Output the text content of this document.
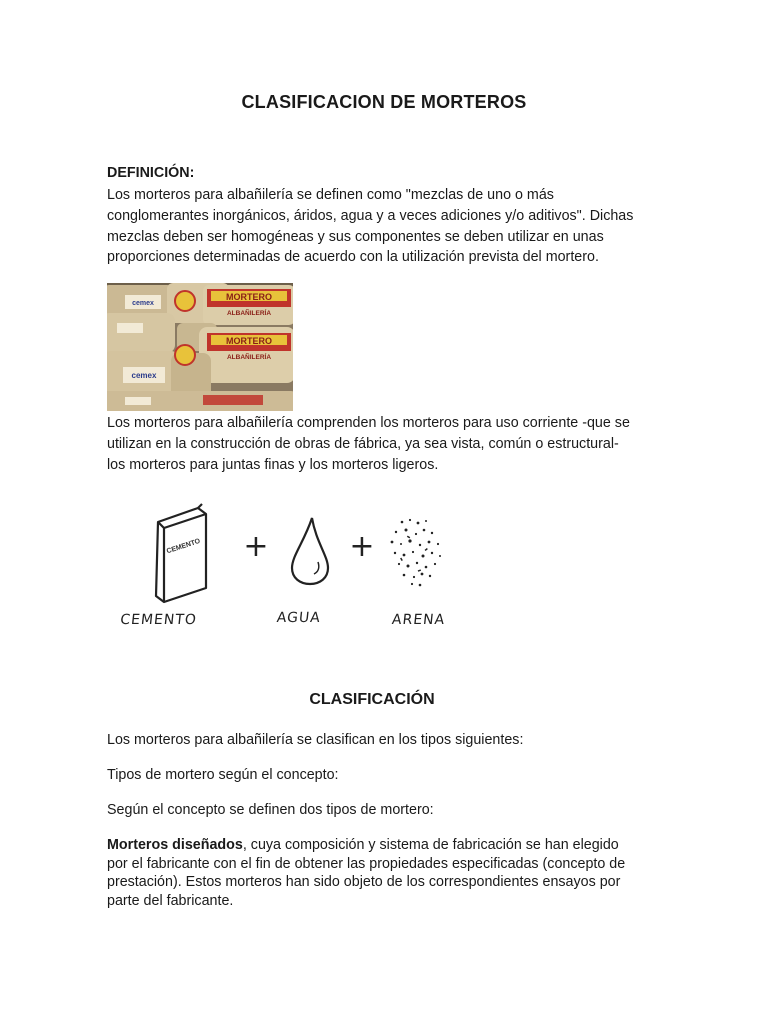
CLASIFICACION DE MORTEROS
DEFINICIÓN:
Los morteros para albañilería se definen como "mezclas de uno o más
conglomerantes inorgánicos, áridos, agua y a veces adiciones y/o aditivos". Dichas
mezclas deben ser homogéneas y sus componentes se deben utilizar en unas
proporciones determinadas de acuerdo con la utilización prevista del mortero.
MORTERO
MORTERO
ALBAÑILERÍA
ALBAÑILERÍA
cemex
cemex
Los morteros para albañilería comprenden los morteros para uso corriente -que se
utilizan en la construcción de obras de fábrica, ya sea vista, común o estructural-
los morteros para juntas finas y los morteros ligeros.
CEMENTO +	+
CEMENTO	AGUA	ARENA
CLASIFICACIÓN
Los morteros para albañilería se clasifican en los tipos siguientes:
Tipos de mortero según el concepto:
Según el concepto se definen dos tipos de mortero:
Morteros diseñados, cuya composición y sistema de fabricación se han elegido
por el fabricante con el fin de obtener las propiedades especificadas (concepto de
prestación). Estos morteros han sido objeto de los correspondientes ensayos por
parte del fabricante.
